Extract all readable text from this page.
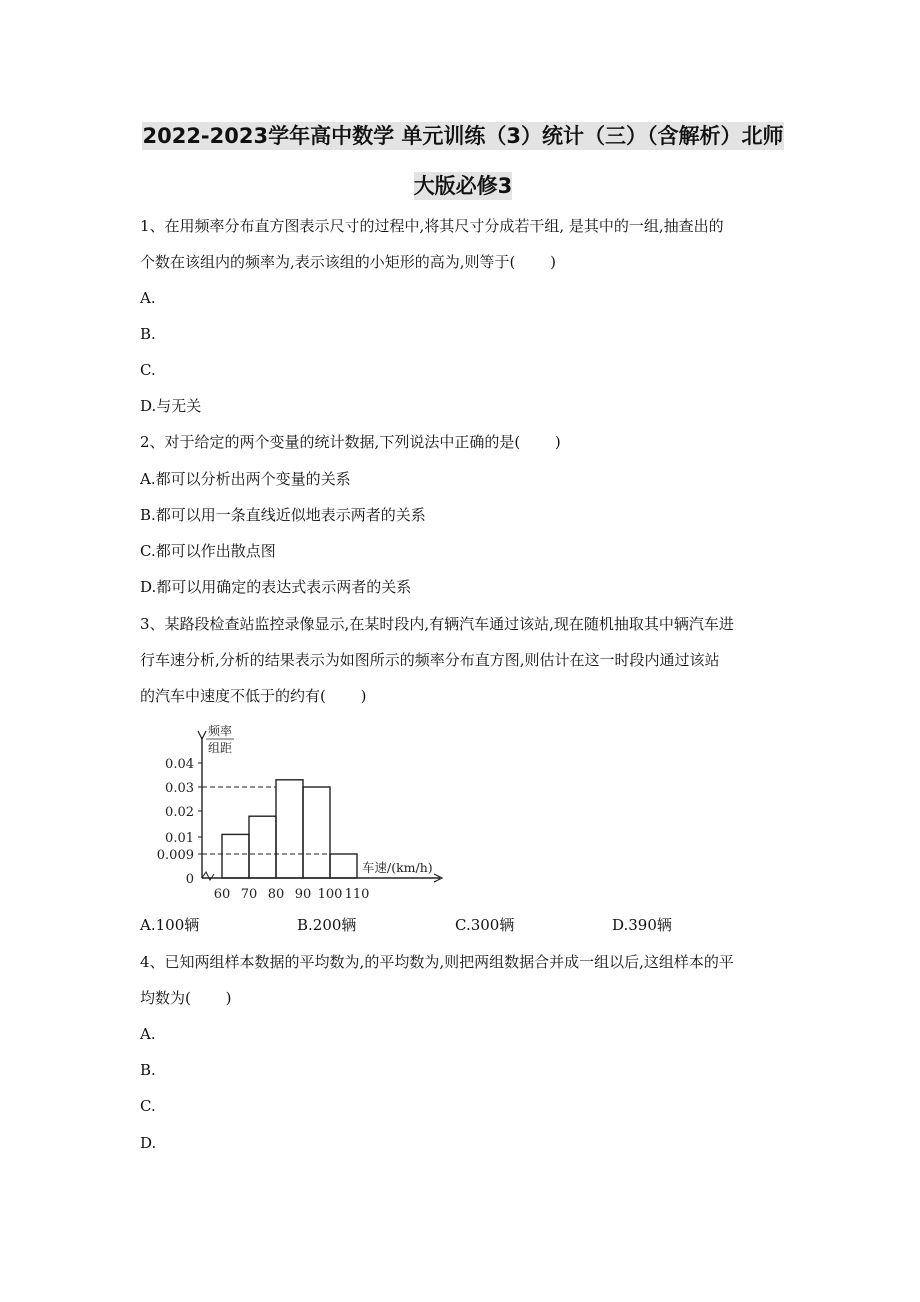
2022-2023学年高中数学 单元训练（3）统计（三）（含解析）北师
大版必修3
1、在用频率分布直方图表示尺寸的过程中,将其尺寸分成若干组, 是其中的一组,抽查出的
个数在该组内的频率为,表示该组的小矩形的高为,则等于(　　 )
A.
B.
C.
D.与无关
2、对于给定的两个变量的统计数据,下列说法中正确的是(　　 )
A.都可以分析出两个变量的关系
B.都可以用一条直线近似地表示两者的关系
C.都可以作出散点图
D.都可以用确定的表达式表示两者的关系
3、某路段检查站监控录像显示,在某时段内,有辆汽车通过该站,现在随机抽取其中辆汽车进
行车速分析,分析的结果表示为如图所示的频率分布直方图,则估计在这一时段内通过该站
的汽车中速度不低于的约有(　　 )
频率
组距
0.04
0.03
0.02
0.01
0.009
0
60 70 80 90 100 110
车速/(km/h)
A.100辆	B.200辆	C.300辆	D.390辆
4、已知两组样本数据的平均数为,的平均数为,则把两组数据合并成一组以后,这组样本的平
均数为(　　 )
A.
B.
C.
D.
